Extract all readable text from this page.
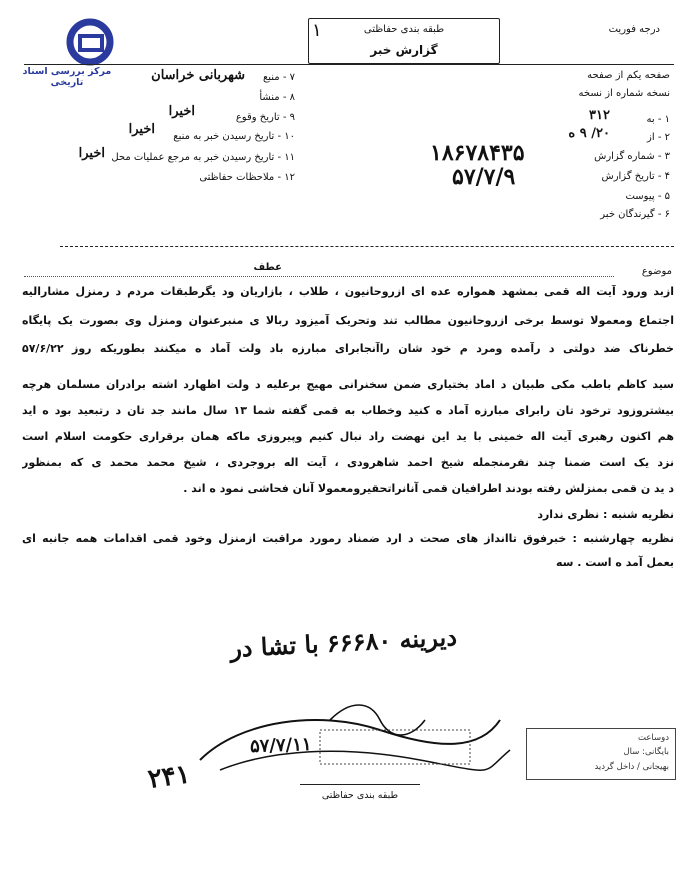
مرکز بررسی اسناد تاریخی
طبقه بندی حفاظتی
گزارش خبر
۱	درجه فوریت
صفحه یکم از صفحه
نسخه شماره از نسخه
۷ - منبع
شهربانی خراسان
۸ - منشأ
۹ - تاریخ وقوع
اخیرا
۱۰ - تاریخ رسیدن خبر به منبع
اخیرا
۱۱ - تاریخ رسیدن خبر به مرجع عملیات محل
اخیرا
۱۲ - ملاحظات حفاظتی
۱ - به
۳۱۲
۲ - از
۲۰/ ۹ ه
۳ - شماره گزارش
۱۸۶۷۸۴۳۵
۴ - تاریخ گزارش
۵۷/۷/۹
۵ - پیوست
۶ - گیرندگان خبر
موضوع
عطف
ازبد ورود آیت اله قمی بمشهد همواره عده ای ازروحانیون ، طلاب ، بازاریان ود یگرطبقات مردم د رمنزل مشارالیه
اجتماع ومعمولا توسط برخی ازروحانیون مطالب تند وتحریک آمیزود ربالا ی منبرعنوان ومنزل وی بصورت یک پایگاه
خطرناک ضد دولتی د رآمده ومرد م خود شان راآنجابرای مبارزه باد ولت آماد ه میکنند بطوریکه روز ۵۷/۶/۲۲
سید کاظم باطب مکی طبیان د اماد بختیاری ضمن سخنرانی مهیج برعلیه د ولت اظهارد اشته برادران مسلمان هرچه
بیشتروزود ترخود تان رابرای مبارزه آماد ه کنید وخطاب به قمی گفته شما ۱۳ سال مانند جد تان د رتبعید بود ه اید
هم اکنون رهبری آیت اله خمینی با ید این نهضت راد نبال کنیم وپیروزی ماکه همان برقراری حکومت اسلام است
نزد یک است ضمنا چند نفرمنجمله شیخ احمد شاهرودی ، آیت اله بروجردی ، شیخ محمد محمد ی که بمنظور
د ید ن قمی بمنزلش رفته بودند اطرافیان قمی آنانراتحقیرومعمولا آنان فحاشی نمود ه اند .
نظریه شنبه : نظری ندارد
نظریه چهارشنبه : خبرفوق تاانداز های صحت د ارد ضمناد رمورد مراقبت ازمنزل وخود قمی اقدامات همه جانبه ای
بعمل آمد ه است . سه
دیرینه ۶۶۶۸۰ با تشا در
۵۷/۷/۱۱
۲۴۱
دوساعت
بایگانی: سال
بهیجانی / داخل گردید
طبقه بندی حفاظتی
